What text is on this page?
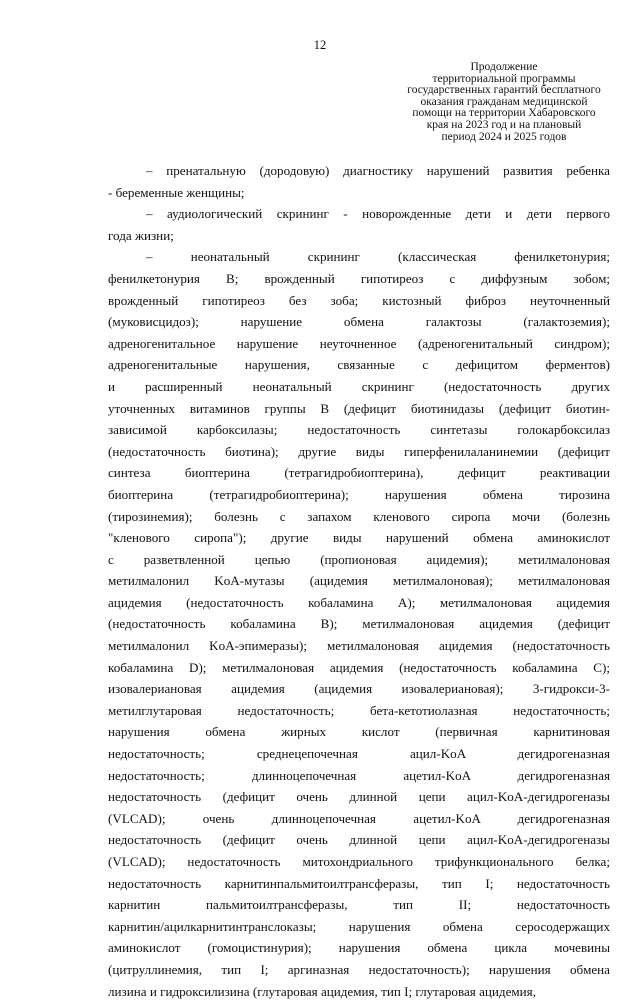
12
Продолжение
территориальной программы
государственных гарантий бесплатного
оказания гражданам медицинской
помощи на территории Хабаровского
края на 2023 год и на плановый
период 2024 и 2025 годов
– пренатальную (дородовую) диагностику нарушений развития ребенка
- беременные женщины;
– аудиологический скрининг - новорожденные дети и дети первого
года жизни;
– неонатальный скрининг (классическая фенилкетонурия;
фенилкетонурия B; врожденный гипотиреоз с диффузным зобом;
врожденный гипотиреоз без зоба; кистозный фиброз неуточненный
(муковисцидоз); нарушение обмена галактозы (галактоземия);
адреногенитальное нарушение неуточненное (адреногенитальный синдром);
адреногенитальные нарушения, связанные с дефицитом ферментов)
и расширенный неонатальный скрининг (недостаточность других
уточненных витаминов группы B (дефицит биотинидазы (дефицит биотин-
зависимой карбоксилазы; недостаточность синтетазы голокарбоксилаз
(недостаточность биотина); другие виды гиперфенилаланинемии (дефицит
синтеза биоптерина (тетрагидробиоптерина), дефицит реактивации
биоптерина (тетрагидробиоптерина); нарушения обмена тирозина
(тирозинемия); болезнь с запахом кленового сиропа мочи (болезнь
"кленового сиропа"); другие виды нарушений обмена аминокислот
с разветвленной цепью (пропионовая ацидемия); метилмалоновая
метилмалонил KoA-мутазы (ацидемия метилмалоновая); метилмалоновая
ацидемия (недостаточность кобаламина A); метилмалоновая ацидемия
(недостаточность кобаламина B); метилмалоновая ацидемия (дефицит
метилмалонил KoA-эпимеразы); метилмалоновая ацидемия (недостаточность
кобаламина D); метилмалоновая ацидемия (недостаточность кобаламина C);
изовалериановая ацидемия (ацидемия изовалериановая); 3-гидрокси-3-
метилглутаровая недостаточность; бета-кетотиолазная недостаточность;
нарушения обмена жирных кислот (первичная карнитиновая
недостаточность; среднецепочечная ацил-KoA дегидрогеназная
недостаточность; длинноцепочечная ацетил-KoA дегидрогеназная
недостаточность (дефицит очень длинной цепи ацил-KoA-дегидрогеназы
(VLCAD); очень длинноцепочечная ацетил-KoA дегидрогеназная
недостаточность (дефицит очень длинной цепи ацил-KoA-дегидрогеназы
(VLCAD); недостаточность митохондриального трифункционального белка;
недостаточность карнитинпальмитоилтрансферазы, тип I; недостаточность
карнитин пальмитоилтрансферазы, тип II; недостаточность
карнитин/ацилкарнитинтранслоказы; нарушения обмена серосодержащих
аминокислот (гомоцистинурия); нарушения обмена цикла мочевины
(цитруллинемия, тип I; аргиназная недостаточность); нарушения обмена
лизина и гидроксилизина (глутаровая ацидемия, тип I; глутаровая ацидемия,
